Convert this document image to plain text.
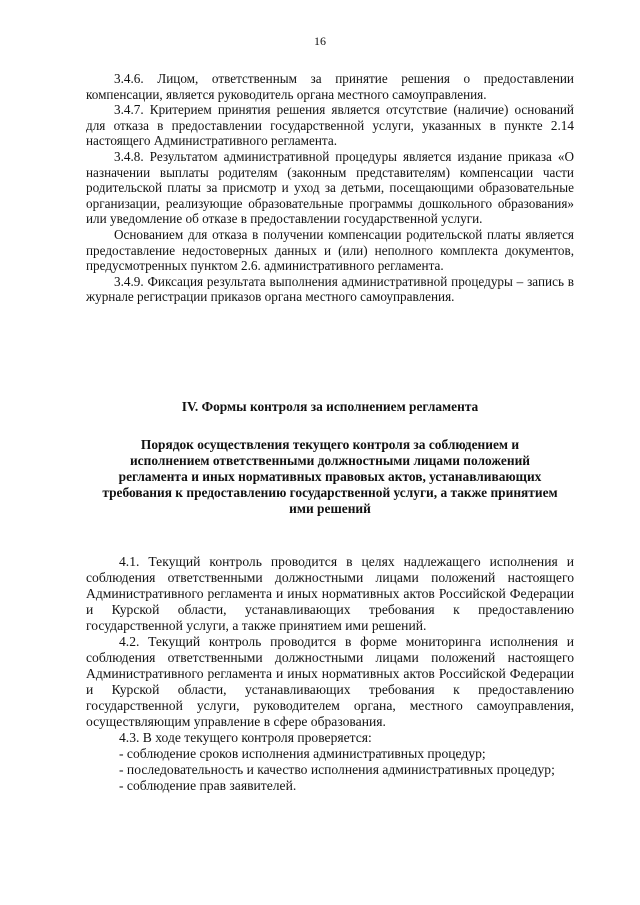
16

3.4.6. Лицом, ответственным за принятие решения о предоставлении компенсации, является руководитель органа местного самоуправления.

3.4.7. Критерием принятия решения является отсутствие (наличие) оснований для отказа в предоставлении государственной услуги, указанных в пункте 2.14 настоящего Административного регламента.

3.4.8. Результатом административной процедуры является издание приказа «О назначении выплаты родителям (законным представителям) компенсации части родительской платы за присмотр и уход за детьми, посещающими образовательные организации, реализующие образовательные программы дошкольного образования» или уведомление об отказе в предоставлении государственной услуги.

Основанием для отказа в получении компенсации родительской платы является предоставление недостоверных данных и (или) неполного комплекта документов, предусмотренных пунктом 2.6. административного регламента.

3.4.9. Фиксация результата выполнения административной процедуры – запись в журнале регистрации приказов органа местного самоуправления.

IV. Формы контроля за исполнением регламента
Порядок осуществления текущего контроля за соблюдением и исполнением ответственными должностными лицами положений регламента и иных нормативных правовых актов, устанавливающих требования к предоставлению государственной услуги, а также принятием ими решений

4.1. Текущий контроль проводится в целях надлежащего исполнения и соблюдения ответственными должностными лицами положений настоящего Административного регламента и иных нормативных актов Российской Федерации и Курской области, устанавливающих требования к предоставлению государственной услуги, а также принятием ими решений.

4.2. Текущий контроль проводится в форме мониторинга исполнения и соблюдения ответственными должностными лицами положений настоящего Административного регламента и иных нормативных актов Российской Федерации и Курской области, устанавливающих требования к предоставлению государственной услуги, руководителем органа, местного самоуправления, осуществляющим управление в сфере образования.

4.3. В ходе текущего контроля проверяется:

- соблюдение сроков исполнения административных процедур;

- последовательность и качество исполнения административных процедур;

- соблюдение прав заявителей.
